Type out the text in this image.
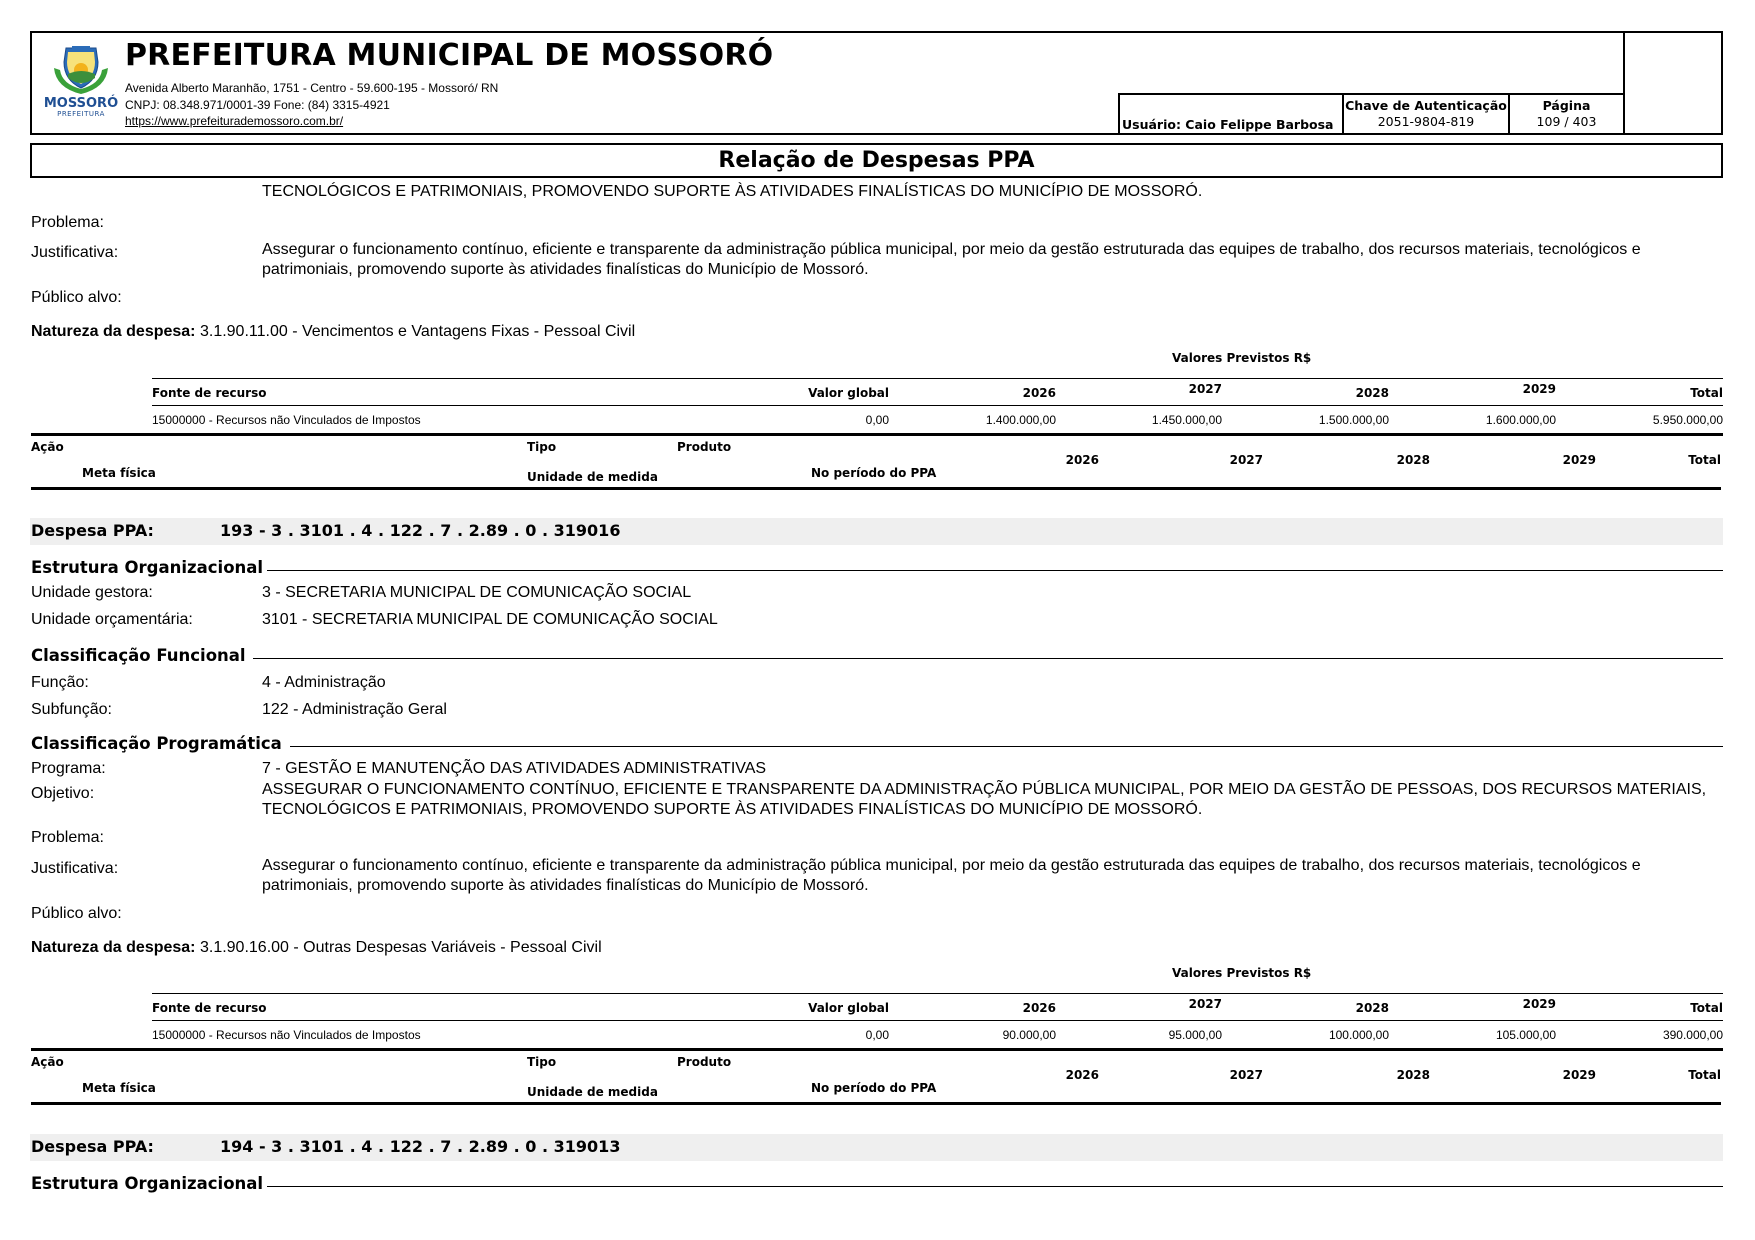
MOSSORÓ
PREFEITURA
PREFEITURA MUNICIPAL DE MOSSORÓ
Avenida Alberto Maranhão, 1751 - Centro - 59.600-195 - Mossoró/ RN
CNPJ: 08.348.971/0001-39 Fone: (84) 3315-4921
https://www.prefeiturademossoro.com.br/	Usuário: Caio Felippe Barbosa
Chave de Autenticação
2051-9804-819
Página
109 / 403
Relação de Despesas PPA
TECNOLÓGICOS E PATRIMONIAIS, PROMOVENDO SUPORTE ÀS ATIVIDADES FINALÍSTICAS DO MUNICÍPIO DE MOSSORÓ.
Problema:
Justificativa:	Assegurar o funcionamento contínuo, eficiente e transparente da administração pública municipal, por meio da gestão estruturada das equipes de trabalho, dos recursos materiais, tecnológicos e patrimoniais, promovendo suporte às atividades finalísticas do Município de Mossoró.
Público alvo:
Natureza da despesa: 3.1.90.11.00 - Vencimentos e Vantagens Fixas - Pessoal Civil
Valores Previstos R$
Fonte de recurso	Valor global	2026	2027	2028	2029	Total
15000000 - Recursos não Vinculados de Impostos	0,00	1.400.000,00	1.450.000,00	1.500.000,00	1.600.000,00	5.950.000,00
Ação	Tipo	Produto
Meta física	Unidade de medida	No período do PPA
2026	2027	2028	2029	Total
Despesa PPA:	193 - 3 . 3101 . 4 . 122 . 7 . 2.89 . 0 . 319016
Estrutura Organizacional
Unidade gestora:	3 - SECRETARIA MUNICIPAL DE COMUNICAÇÃO SOCIAL
Unidade orçamentária:	3101 - SECRETARIA MUNICIPAL DE COMUNICAÇÃO SOCIAL
Classificação Funcional
Função:	4 - Administração
Subfunção:	122 - Administração Geral
Classificação Programática
Programa:	7 - GESTÃO E MANUTENÇÃO DAS ATIVIDADES ADMINISTRATIVAS
Objetivo:	ASSEGURAR O FUNCIONAMENTO CONTÍNUO, EFICIENTE E TRANSPARENTE DA ADMINISTRAÇÃO PÚBLICA MUNICIPAL, POR MEIO DA GESTÃO DE PESSOAS, DOS RECURSOS MATERIAIS, TECNOLÓGICOS E PATRIMONIAIS, PROMOVENDO SUPORTE ÀS ATIVIDADES FINALÍSTICAS DO MUNICÍPIO DE MOSSORÓ.
Problema:
Justificativa:	Assegurar o funcionamento contínuo, eficiente e transparente da administração pública municipal, por meio da gestão estruturada das equipes de trabalho, dos recursos materiais, tecnológicos e patrimoniais, promovendo suporte às atividades finalísticas do Município de Mossoró.
Público alvo:
Natureza da despesa: 3.1.90.16.00 - Outras Despesas Variáveis - Pessoal Civil
Valores Previstos R$
Fonte de recurso	Valor global	2026	2027	2028	2029	Total
15000000 - Recursos não Vinculados de Impostos	0,00	90.000,00	95.000,00	100.000,00	105.000,00	390.000,00
Ação	Tipo	Produto
Meta física	Unidade de medida	No período do PPA
2026	2027	2028	2029	Total
Despesa PPA:	194 - 3 . 3101 . 4 . 122 . 7 . 2.89 . 0 . 319013
Estrutura Organizacional
